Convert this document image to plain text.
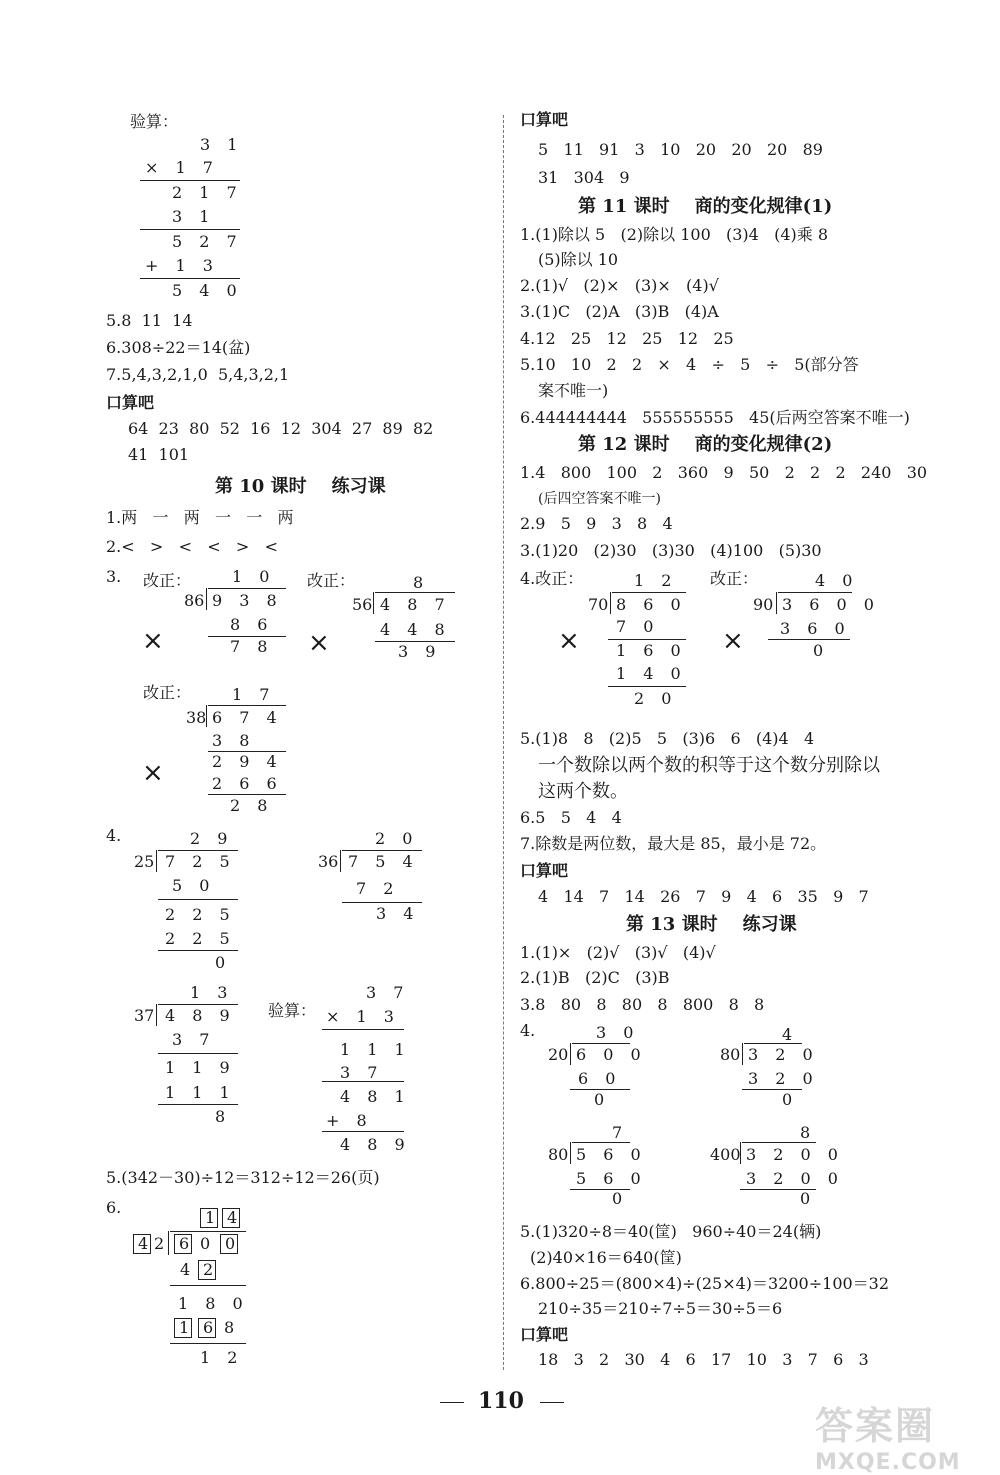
验算：
3 1
× 1 7
2 1 7
3 1
5 2 7
+ 1 3
5 4 0
5.8  11  14
6.308÷22＝14(盆)
7.5,4,3,2,1,0  5,4,3,2,1
口算吧
64  23  80  52  16  12  304  27  89  82
41  101
第 10 课时    练习课
1.两   一   两   一   一   两
2.<   >   <   <   >   <
3. 改正：	1 0
86 9 3 8
8 6
7 8
×
改正：	8
56 4 8 7
4 4 8
3 9
×
改正：	1 7
38 6 7 4
3 8
2 9 4
2 6 6
2 8
×
4.	2 9
25 7 2 5
5 0
2 2 5
2 2 5
0
2 0
36 7 5 4
7 2
3 4
1 3
37 4 8 9
3 7
1 1 9
1 1 1
8
验算：
3 7
× 1 3
1 1 1
3 7
4 8 1
+ 8
4 8 9
5.(342－30)÷12＝312÷12＝26(页)
6.
1 4
4 2 6 0 0
4 2
1 8 0
1 6 8
1 2
口算吧
5   11   91   3   10   20   20   20   89
31   304   9
第 11 课时    商的变化规律(1)
1.(1)除以 5   (2)除以 100   (3)4   (4)乘 8
(5)除以 10
2.(1)√   (2)×   (3)×   (4)√
3.(1)C   (2)A   (3)B   (4)A
4.12   25   12   25   12   25
5.10   10   2   2   ×   4   ÷   5   ÷   5(部分答
案不唯一)
6.444444444   555555555   45(后两空答案不唯一)
第 12 课时    商的变化规律(2)
1.4   800   100   2   360   9   50   2   2   2   240   30
(后四空答案不唯一)
2.9   5   9   3   8   4
3.(1)20   (2)30   (3)30   (4)100   (5)30
4.改正：	1 2
70 8 6 0
7 0
1 6 0
1 4 0
2 0
×
改正：	4 0
90 3 6 0 0
3 6 0
0
×
5.(1)8   8   (2)5   5   (3)6   6   (4)4   4
一个数除以两个数的积等于这个数分别除以
这两个数。
6.5   5   4   4
7.除数是两位数，最大是 85，最小是 72。
口算吧
4   14   7   14   26   7   9   4   6   35   9   7
第 13 课时    练习课
1.(1)×   (2)√   (3)√   (4)√
2.(1)B   (2)C   (3)B
3.8   80   8   80   8   800   8   8
4.	3 0
20 6 0 0
6 0
0
4
80 3 2 0
3 2 0
0
7
80 5 6 0
5 6 0
0
8
400 3 2 0 0
3 2 0 0
0
5.(1)320÷8＝40(筐)   960÷40＝24(辆)
(2)40×16＝640(筐)
6.800÷25＝(800×4)÷(25×4)＝3200÷100＝32
210÷35＝210÷7÷5＝30÷5＝6
口算吧
18   3   2   30   4   6   17   10   3   7   6   3
110
答案圈
MXQE.COM
